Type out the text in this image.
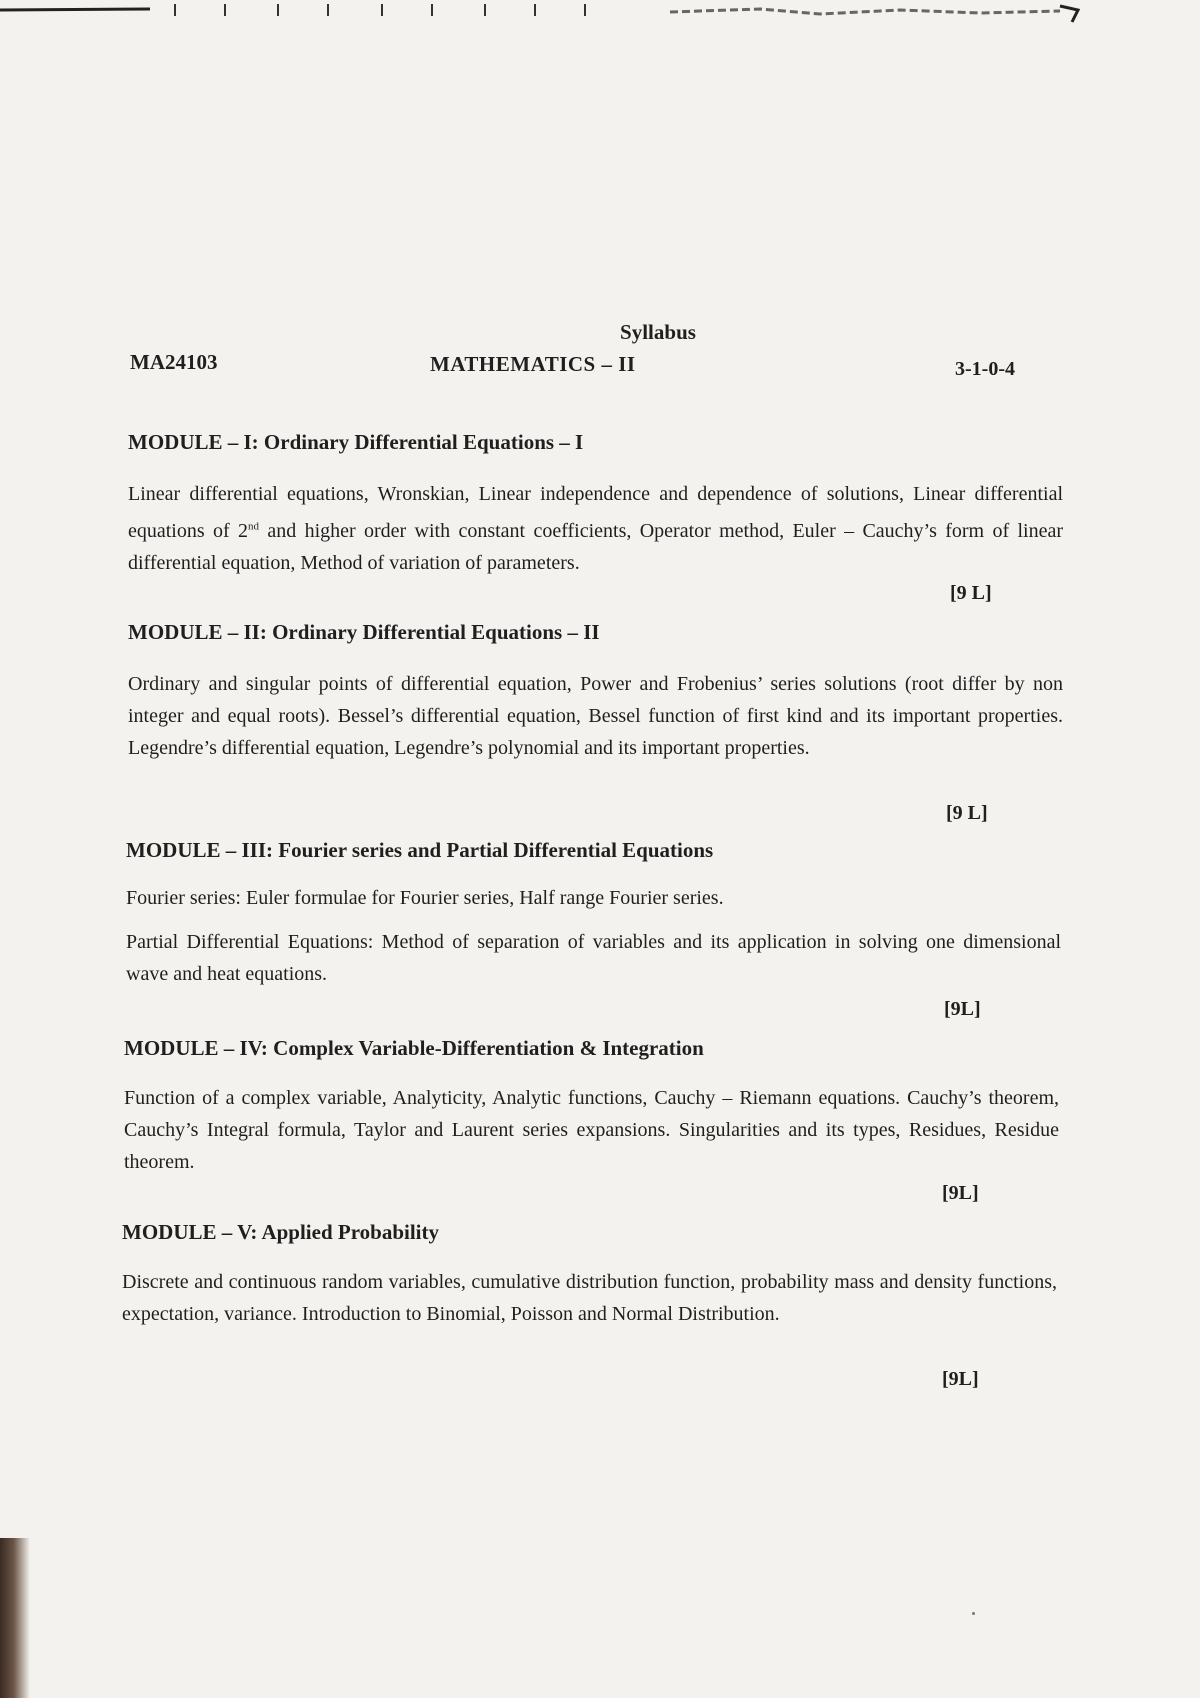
Syllabus
MA24103	MATHEMATICS – II	3-1-0-4
MODULE – I: Ordinary Differential Equations – I

Linear differential equations, Wronskian, Linear independence and dependence of solutions, Linear differential equations of 2nd and higher order with constant coefficients, Operator method, Euler – Cauchy’s form of linear differential equation, Method of variation of parameters.

[9 L]
MODULE – II: Ordinary Differential Equations – II

Ordinary and singular points of differential equation, Power and Frobenius’ series solutions (root differ by non integer and equal roots). Bessel’s differential equation, Bessel function of first kind and its important properties. Legendre’s differential equation, Legendre’s polynomial and its important properties.

[9 L]
MODULE – III: Fourier series and Partial Differential Equations

Fourier series: Euler formulae for Fourier series, Half range Fourier series.

Partial Differential Equations: Method of separation of variables and its application in solving one dimensional wave and heat equations.

[9L]
MODULE – IV: Complex Variable-Differentiation & Integration

Function of a complex variable, Analyticity, Analytic functions, Cauchy – Riemann equations. Cauchy’s theorem, Cauchy’s Integral formula, Taylor and Laurent series expansions. Singularities and its types, Residues, Residue theorem.

[9L]
MODULE – V: Applied Probability

Discrete and continuous random variables, cumulative distribution function, probability mass and density functions, expectation, variance. Introduction to Binomial, Poisson and Normal Distribution.

[9L]
